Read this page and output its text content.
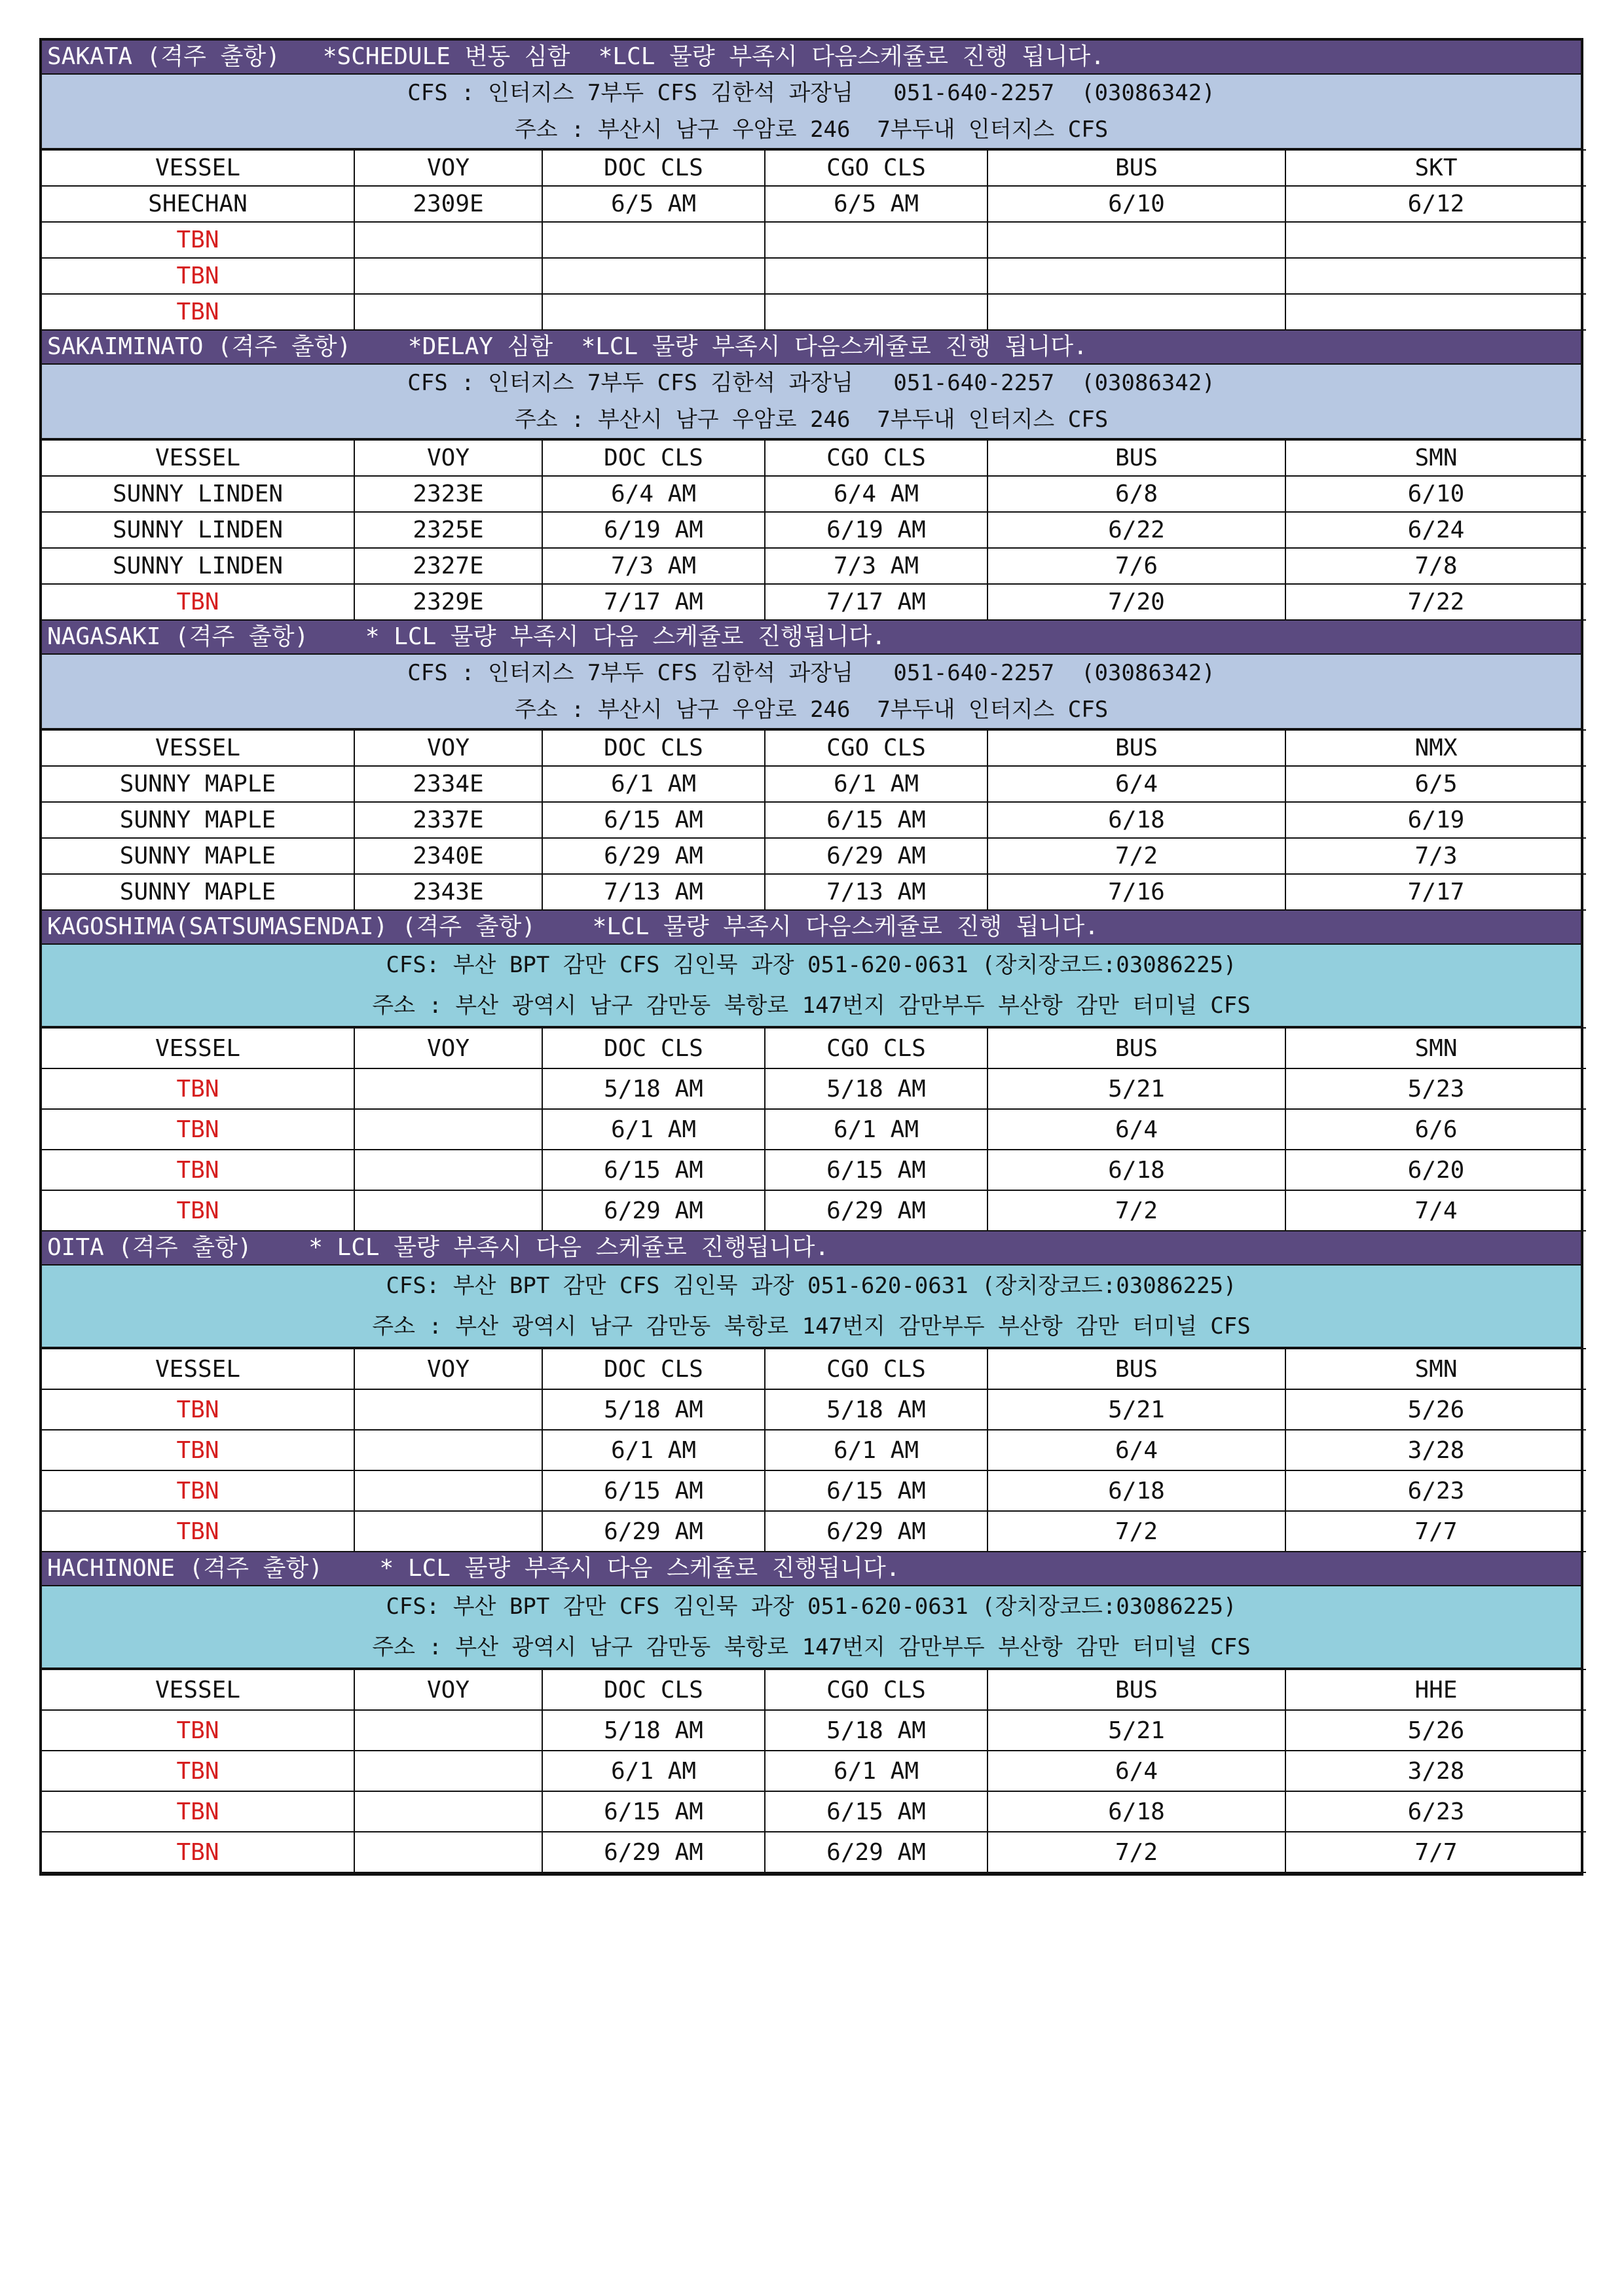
SAKATA (격주 출항)   *SCHEDULE 변동 심함  *LCL 물량 부족시 다음스케쥴로 진행 됩니다.
CFS : 인터지스 7부두 CFS 김한석 과장님   051-640-2257  (03086342)
주소 : 부산시 남구 우암로 246  7부두내 인터지스 CFS
VESSEL	VOY	DOC CLS	CGO CLS	BUS	SKT
SHECHAN	2309E	6/5 AM	6/5 AM	6/10	6/12
TBN					
TBN					
TBN					
SAKAIMINATO (격주 출항)    *DELAY 심함  *LCL 물량 부족시 다음스케쥴로 진행 됩니다.
CFS : 인터지스 7부두 CFS 김한석 과장님   051-640-2257  (03086342)
주소 : 부산시 남구 우암로 246  7부두내 인터지스 CFS
VESSEL	VOY	DOC CLS	CGO CLS	BUS	SMN
SUNNY LINDEN	2323E	6/4 AM	6/4 AM	6/8	6/10
SUNNY LINDEN	2325E	6/19 AM	6/19 AM	6/22	6/24
SUNNY LINDEN	2327E	7/3 AM	7/3 AM	7/6	7/8
TBN	2329E	7/17 AM	7/17 AM	7/20	7/22
NAGASAKI (격주 출항)    * LCL 물량 부족시 다음 스케쥴로 진행됩니다.
CFS : 인터지스 7부두 CFS 김한석 과장님   051-640-2257  (03086342)
주소 : 부산시 남구 우암로 246  7부두내 인터지스 CFS
VESSEL	VOY	DOC CLS	CGO CLS	BUS	NMX
SUNNY MAPLE	2334E	6/1 AM	6/1 AM	6/4	6/5
SUNNY MAPLE	2337E	6/15 AM	6/15 AM	6/18	6/19
SUNNY MAPLE	2340E	6/29 AM	6/29 AM	7/2	7/3
SUNNY MAPLE	2343E	7/13 AM	7/13 AM	7/16	7/17
KAGOSHIMA(SATSUMASENDAI) (격주 출항)    *LCL 물량 부족시 다음스케쥴로 진행 됩니다.
CFS: 부산 BPT 감만 CFS 김인묵 과장 051-620-0631 (장치장코드:03086225)
주소 : 부산 광역시 남구 감만동 북항로 147번지 감만부두 부산항 감만 터미널 CFS
VESSEL	VOY	DOC CLS	CGO CLS	BUS	SMN
TBN		5/18 AM	5/18 AM	5/21	5/23
TBN		6/1 AM	6/1 AM	6/4	6/6
TBN		6/15 AM	6/15 AM	6/18	6/20
TBN		6/29 AM	6/29 AM	7/2	7/4
OITA (격주 출항)    * LCL 물량 부족시 다음 스케쥴로 진행됩니다.
CFS: 부산 BPT 감만 CFS 김인묵 과장 051-620-0631 (장치장코드:03086225)
주소 : 부산 광역시 남구 감만동 북항로 147번지 감만부두 부산항 감만 터미널 CFS
VESSEL	VOY	DOC CLS	CGO CLS	BUS	SMN
TBN		5/18 AM	5/18 AM	5/21	5/26
TBN		6/1 AM	6/1 AM	6/4	3/28
TBN		6/15 AM	6/15 AM	6/18	6/23
TBN		6/29 AM	6/29 AM	7/2	7/7
HACHINONE (격주 출항)    * LCL 물량 부족시 다음 스케쥴로 진행됩니다.
CFS: 부산 BPT 감만 CFS 김인묵 과장 051-620-0631 (장치장코드:03086225)
주소 : 부산 광역시 남구 감만동 북항로 147번지 감만부두 부산항 감만 터미널 CFS
VESSEL	VOY	DOC CLS	CGO CLS	BUS	HHE
TBN		5/18 AM	5/18 AM	5/21	5/26
TBN		6/1 AM	6/1 AM	6/4	3/28
TBN		6/15 AM	6/15 AM	6/18	6/23
TBN		6/29 AM	6/29 AM	7/2	7/7
